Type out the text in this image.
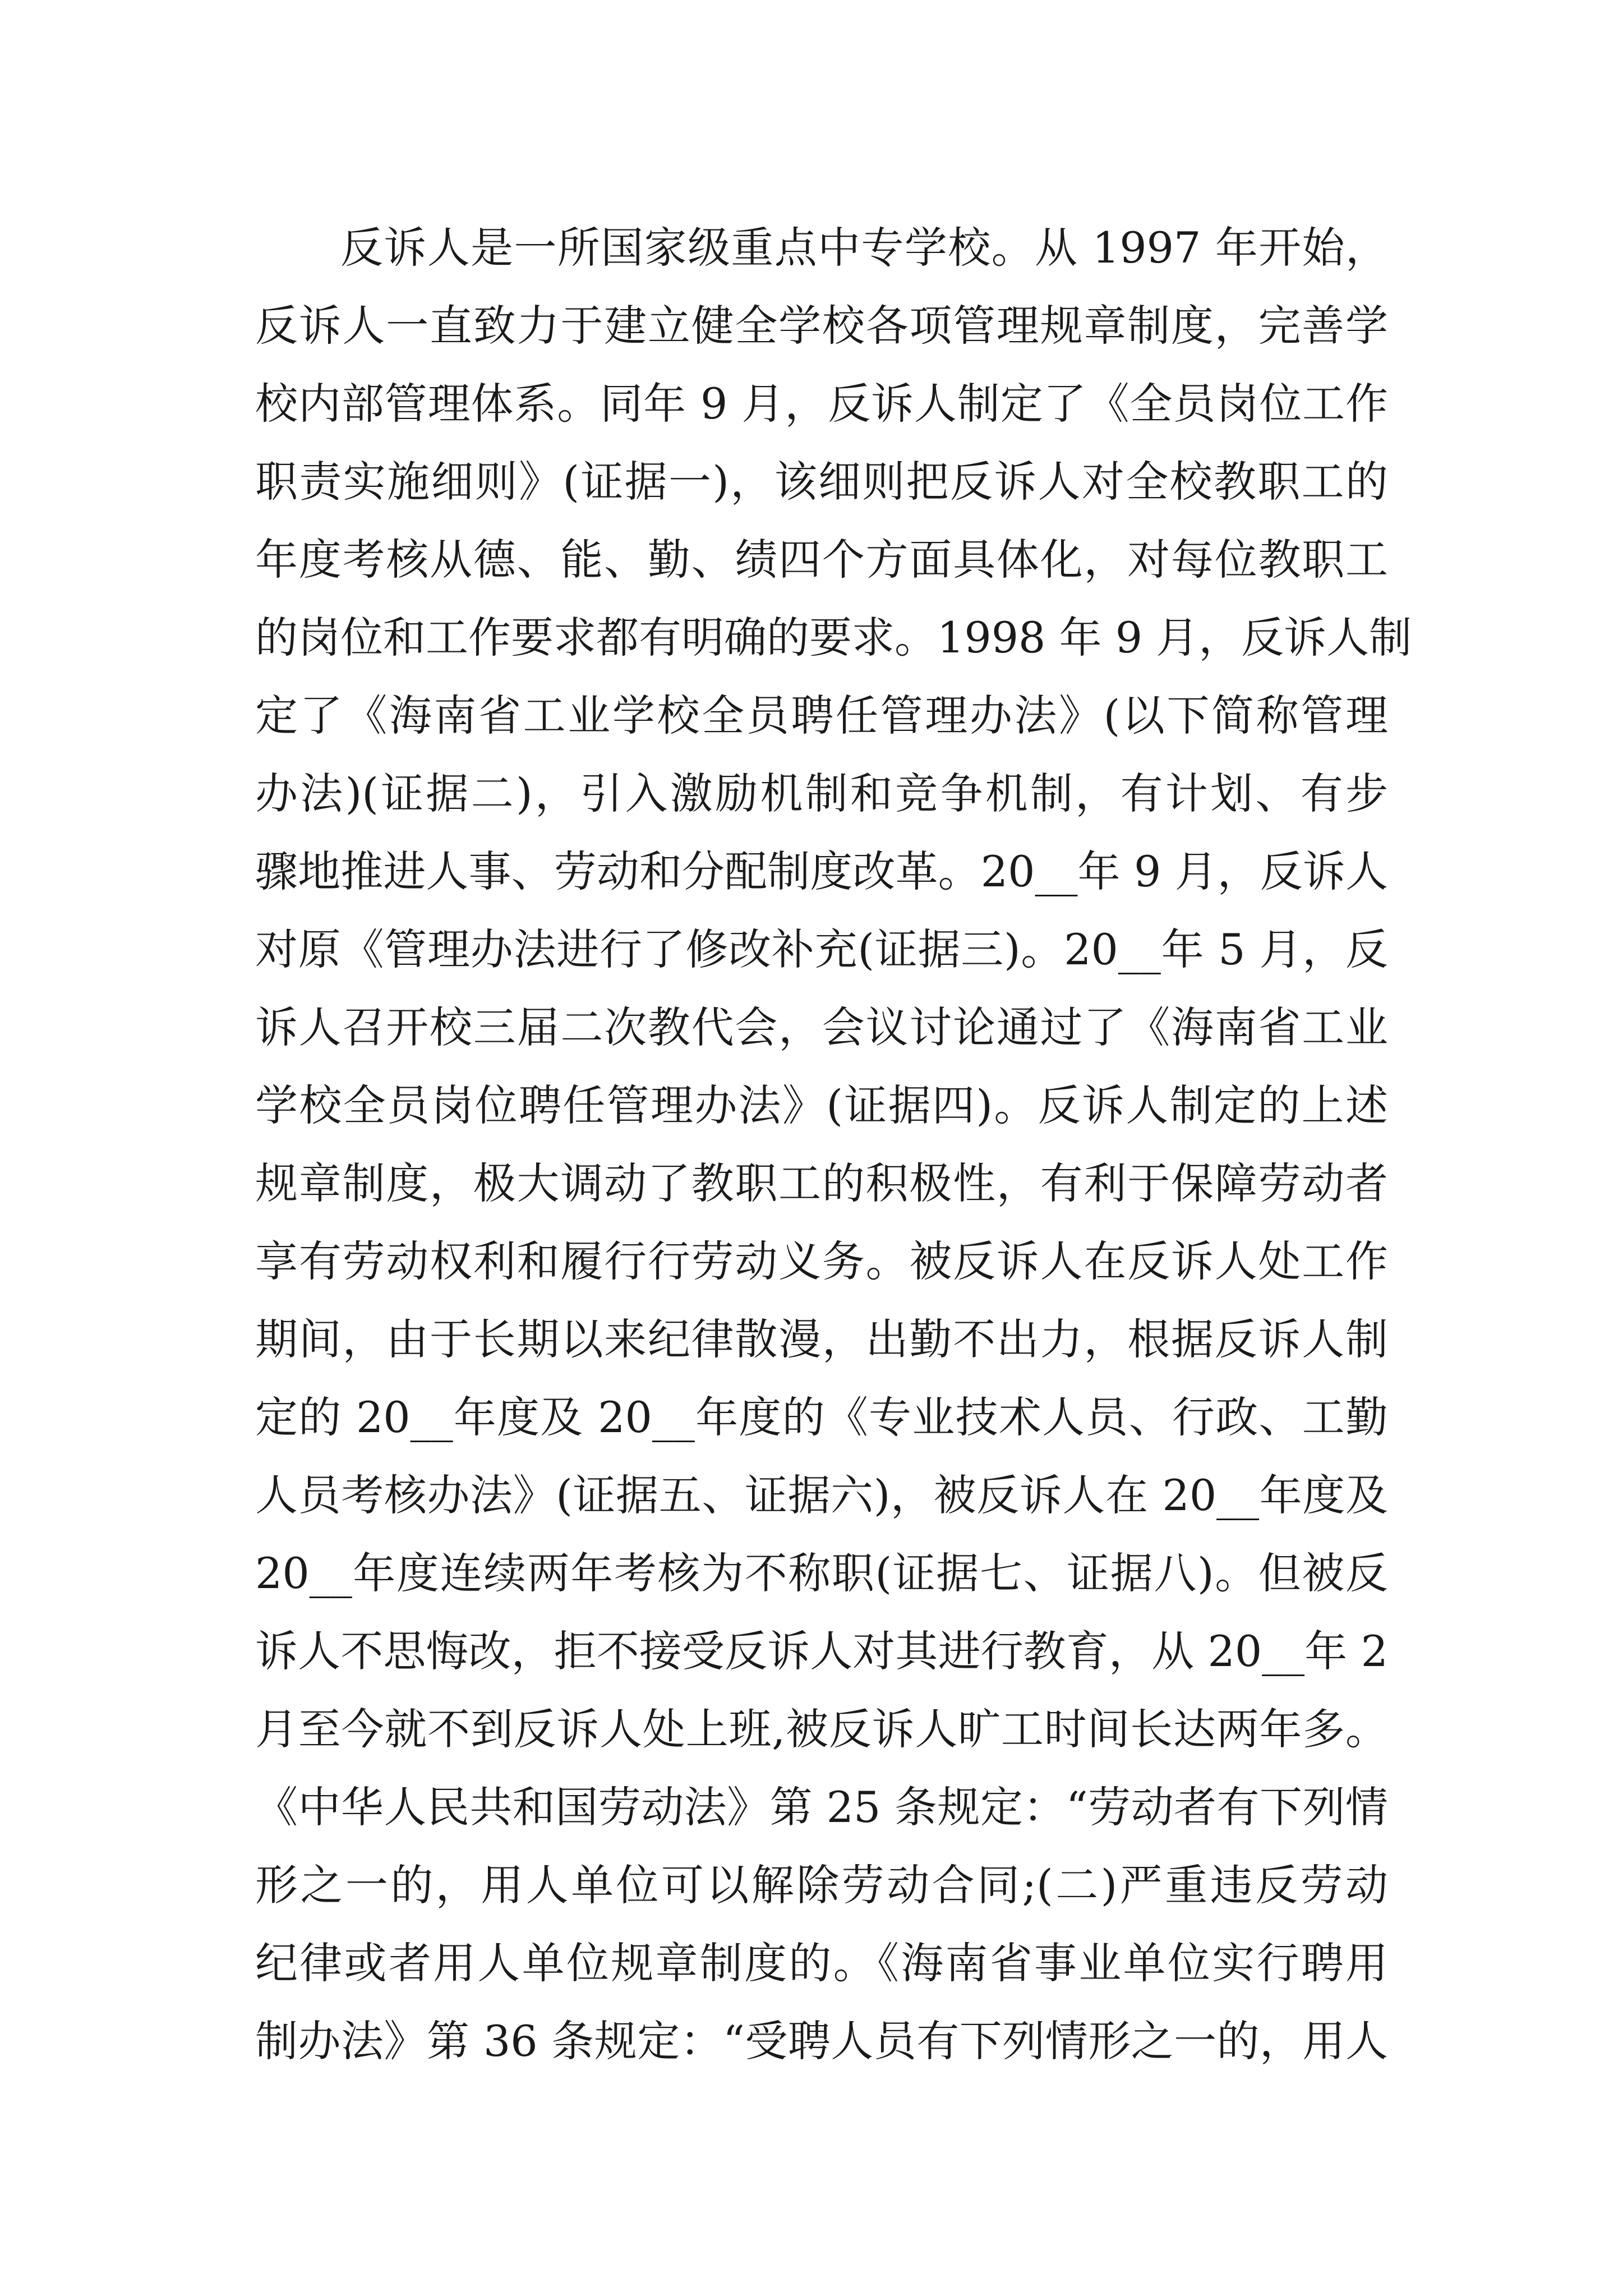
反诉人是一所国家级重点中专学校。从 1997 年开始，
反诉人一直致力于建立健全学校各项管理规章制度，完善学
校内部管理体系。同年 9 月，反诉人制定了《全员岗位工作
职责实施细则》(证据一)，该细则把反诉人对全校教职工的
年度考核从德、能、勤、绩四个方面具体化，对每位教职工
的岗位和工作要求都有明确的要求。1998 年 9 月，反诉人制
定了《海南省工业学校全员聘任管理办法》(以下简称管理
办法)(证据二)，引入激励机制和竞争机制，有计划、有步
骤地推进人事、劳动和分配制度改革。20__年 9 月，反诉人
对原《管理办法进行了修改补充(证据三)。20__年 5 月，反
诉人召开校三届二次教代会，会议讨论通过了《海南省工业
学校全员岗位聘任管理办法》(证据四)。反诉人制定的上述
规章制度，极大调动了教职工的积极性，有利于保障劳动者
享有劳动权利和履行行劳动义务。被反诉人在反诉人处工作
期间，由于长期以来纪律散漫，出勤不出力，根据反诉人制
定的 20__年度及 20__年度的《专业技术人员、行政、工勤
人员考核办法》(证据五、证据六)，被反诉人在 20__年度及
20__年度连续两年考核为不称职(证据七、证据八)。但被反
诉人不思悔改，拒不接受反诉人对其进行教育，从 20__年 2
月至今就不到反诉人处上班,被反诉人旷工时间长达两年多。
《中华人民共和国劳动法》第 25 条规定：“劳动者有下列情
形之一的，用人单位可以解除劳动合同;(二)严重违反劳动
纪律或者用人单位规章制度的。《海南省事业单位实行聘用
制办法》第 36 条规定：“受聘人员有下列情形之一的，用人
